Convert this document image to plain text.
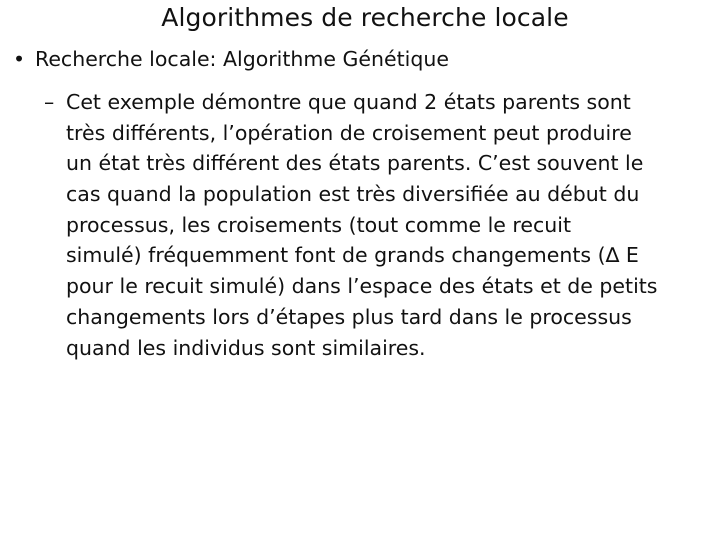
Algorithmes de recherche locale
• Recherche locale: Algorithme Génétique
– Cet exemple démontre que quand 2 états parents sont
très différents, l’opération de croisement peut produire
un état très différent des états parents. C’est souvent le
cas quand la population est très diversifiée au début du
processus, les croisements (tout comme le recuit
simulé) fréquemment font de grands changements (∆ E
pour le recuit simulé) dans l’espace des états et de petits
changements lors d’étapes plus tard dans le processus
quand les individus sont similaires.
